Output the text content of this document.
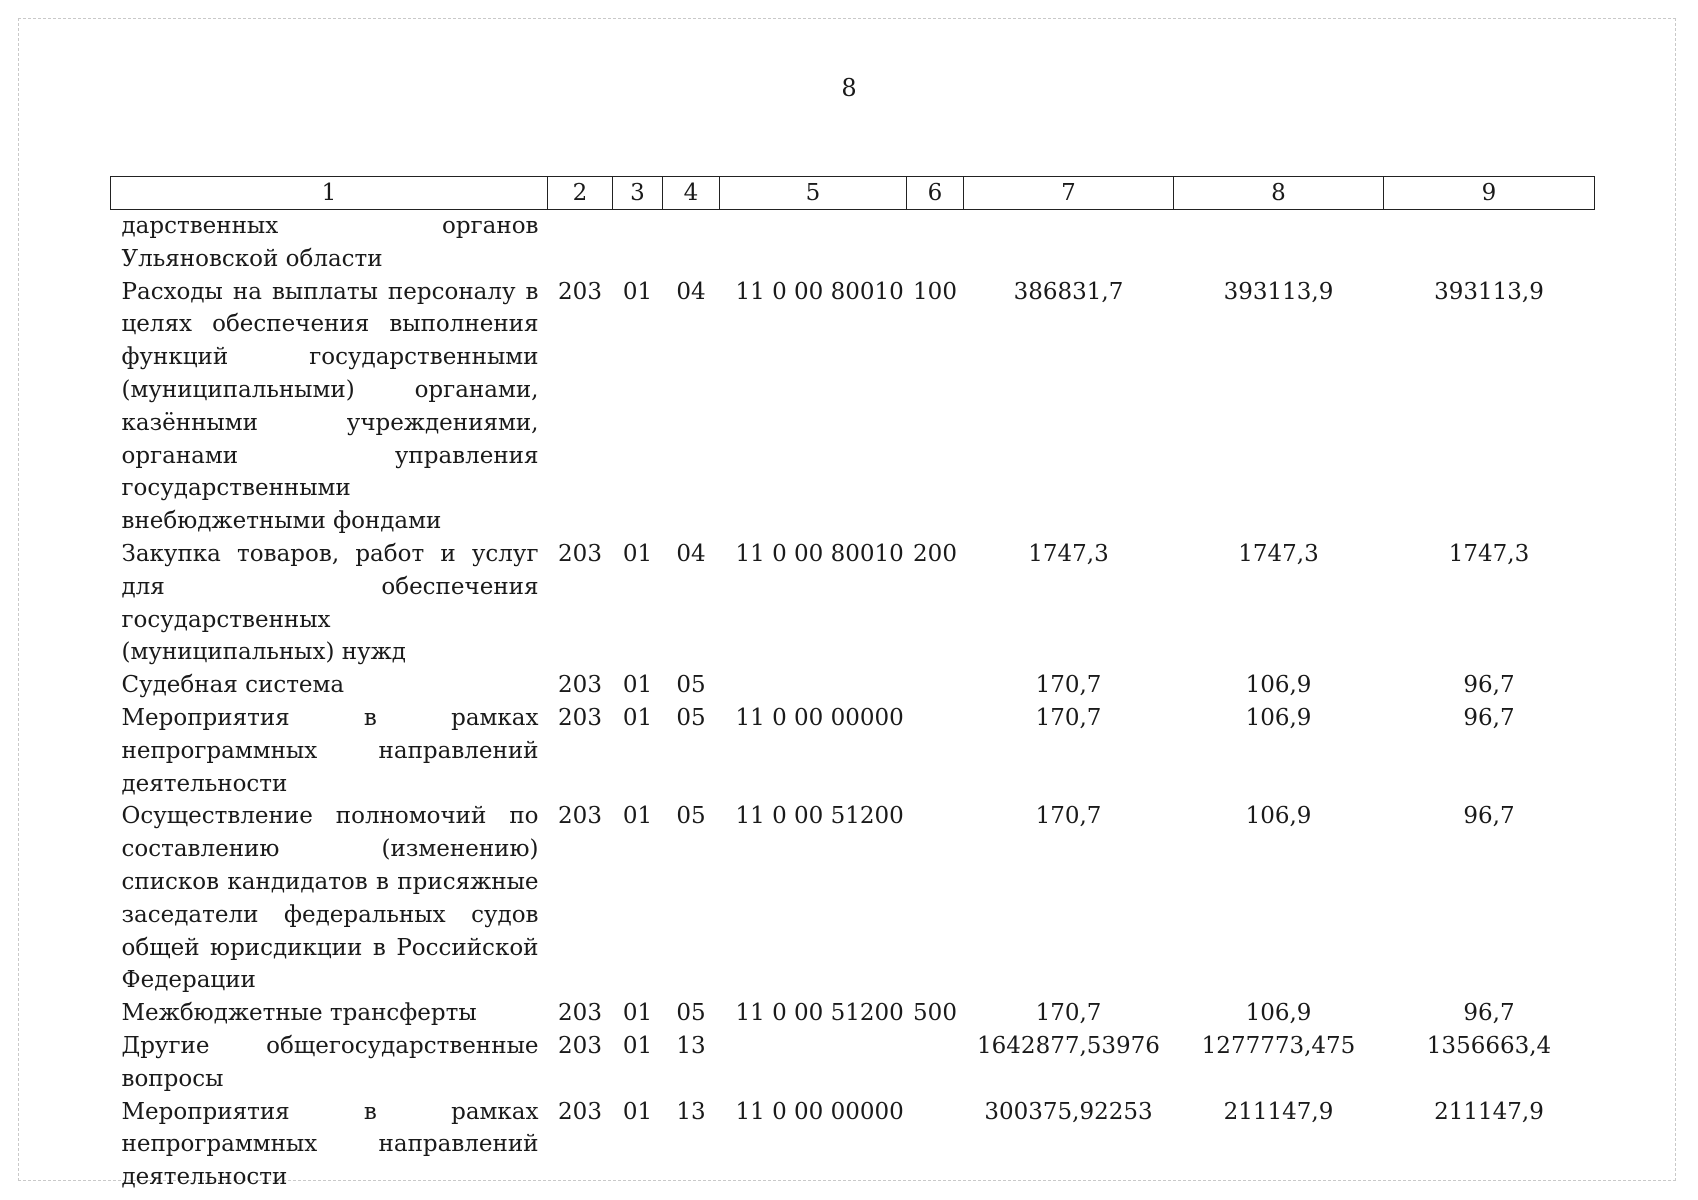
8
1	2	3	4	5	6	7	8	9
дарственных органов Ульяновской области								
Расходы на выплаты персоналу в целях обеспечения выполнения функций государственными (муниципальными) органами, казёнными учреждениями, органами управления государственными внебюджетными фондами	203	01	04	11 0 00 80010	100	386831,7	393113,9	393113,9
Закупка товаров, работ и услуг для обеспечения государственных (муниципальных) нужд	203	01	04	11 0 00 80010	200	1747,3	1747,3	1747,3
Судебная система	203	01	05			170,7	106,9	96,7
Мероприятия в рамках непрограммных направлений деятельности	203	01	05	11 0 00 00000		170,7	106,9	96,7
Осуществление полномочий по составлению (изменению) списков кандидатов в присяжные заседатели федеральных судов общей юрисдикции в Российской Федерации	203	01	05	11 0 00 51200		170,7	106,9	96,7
Межбюджетные трансферты	203	01	05	11 0 00 51200	500	170,7	106,9	96,7
Другие общегосударственные вопросы	203	01	13			1642877,53976	1277773,475	1356663,4
Мероприятия в рамках непрограммных направлений деятельности	203	01	13	11 0 00 00000		300375,92253	211147,9	211147,9
